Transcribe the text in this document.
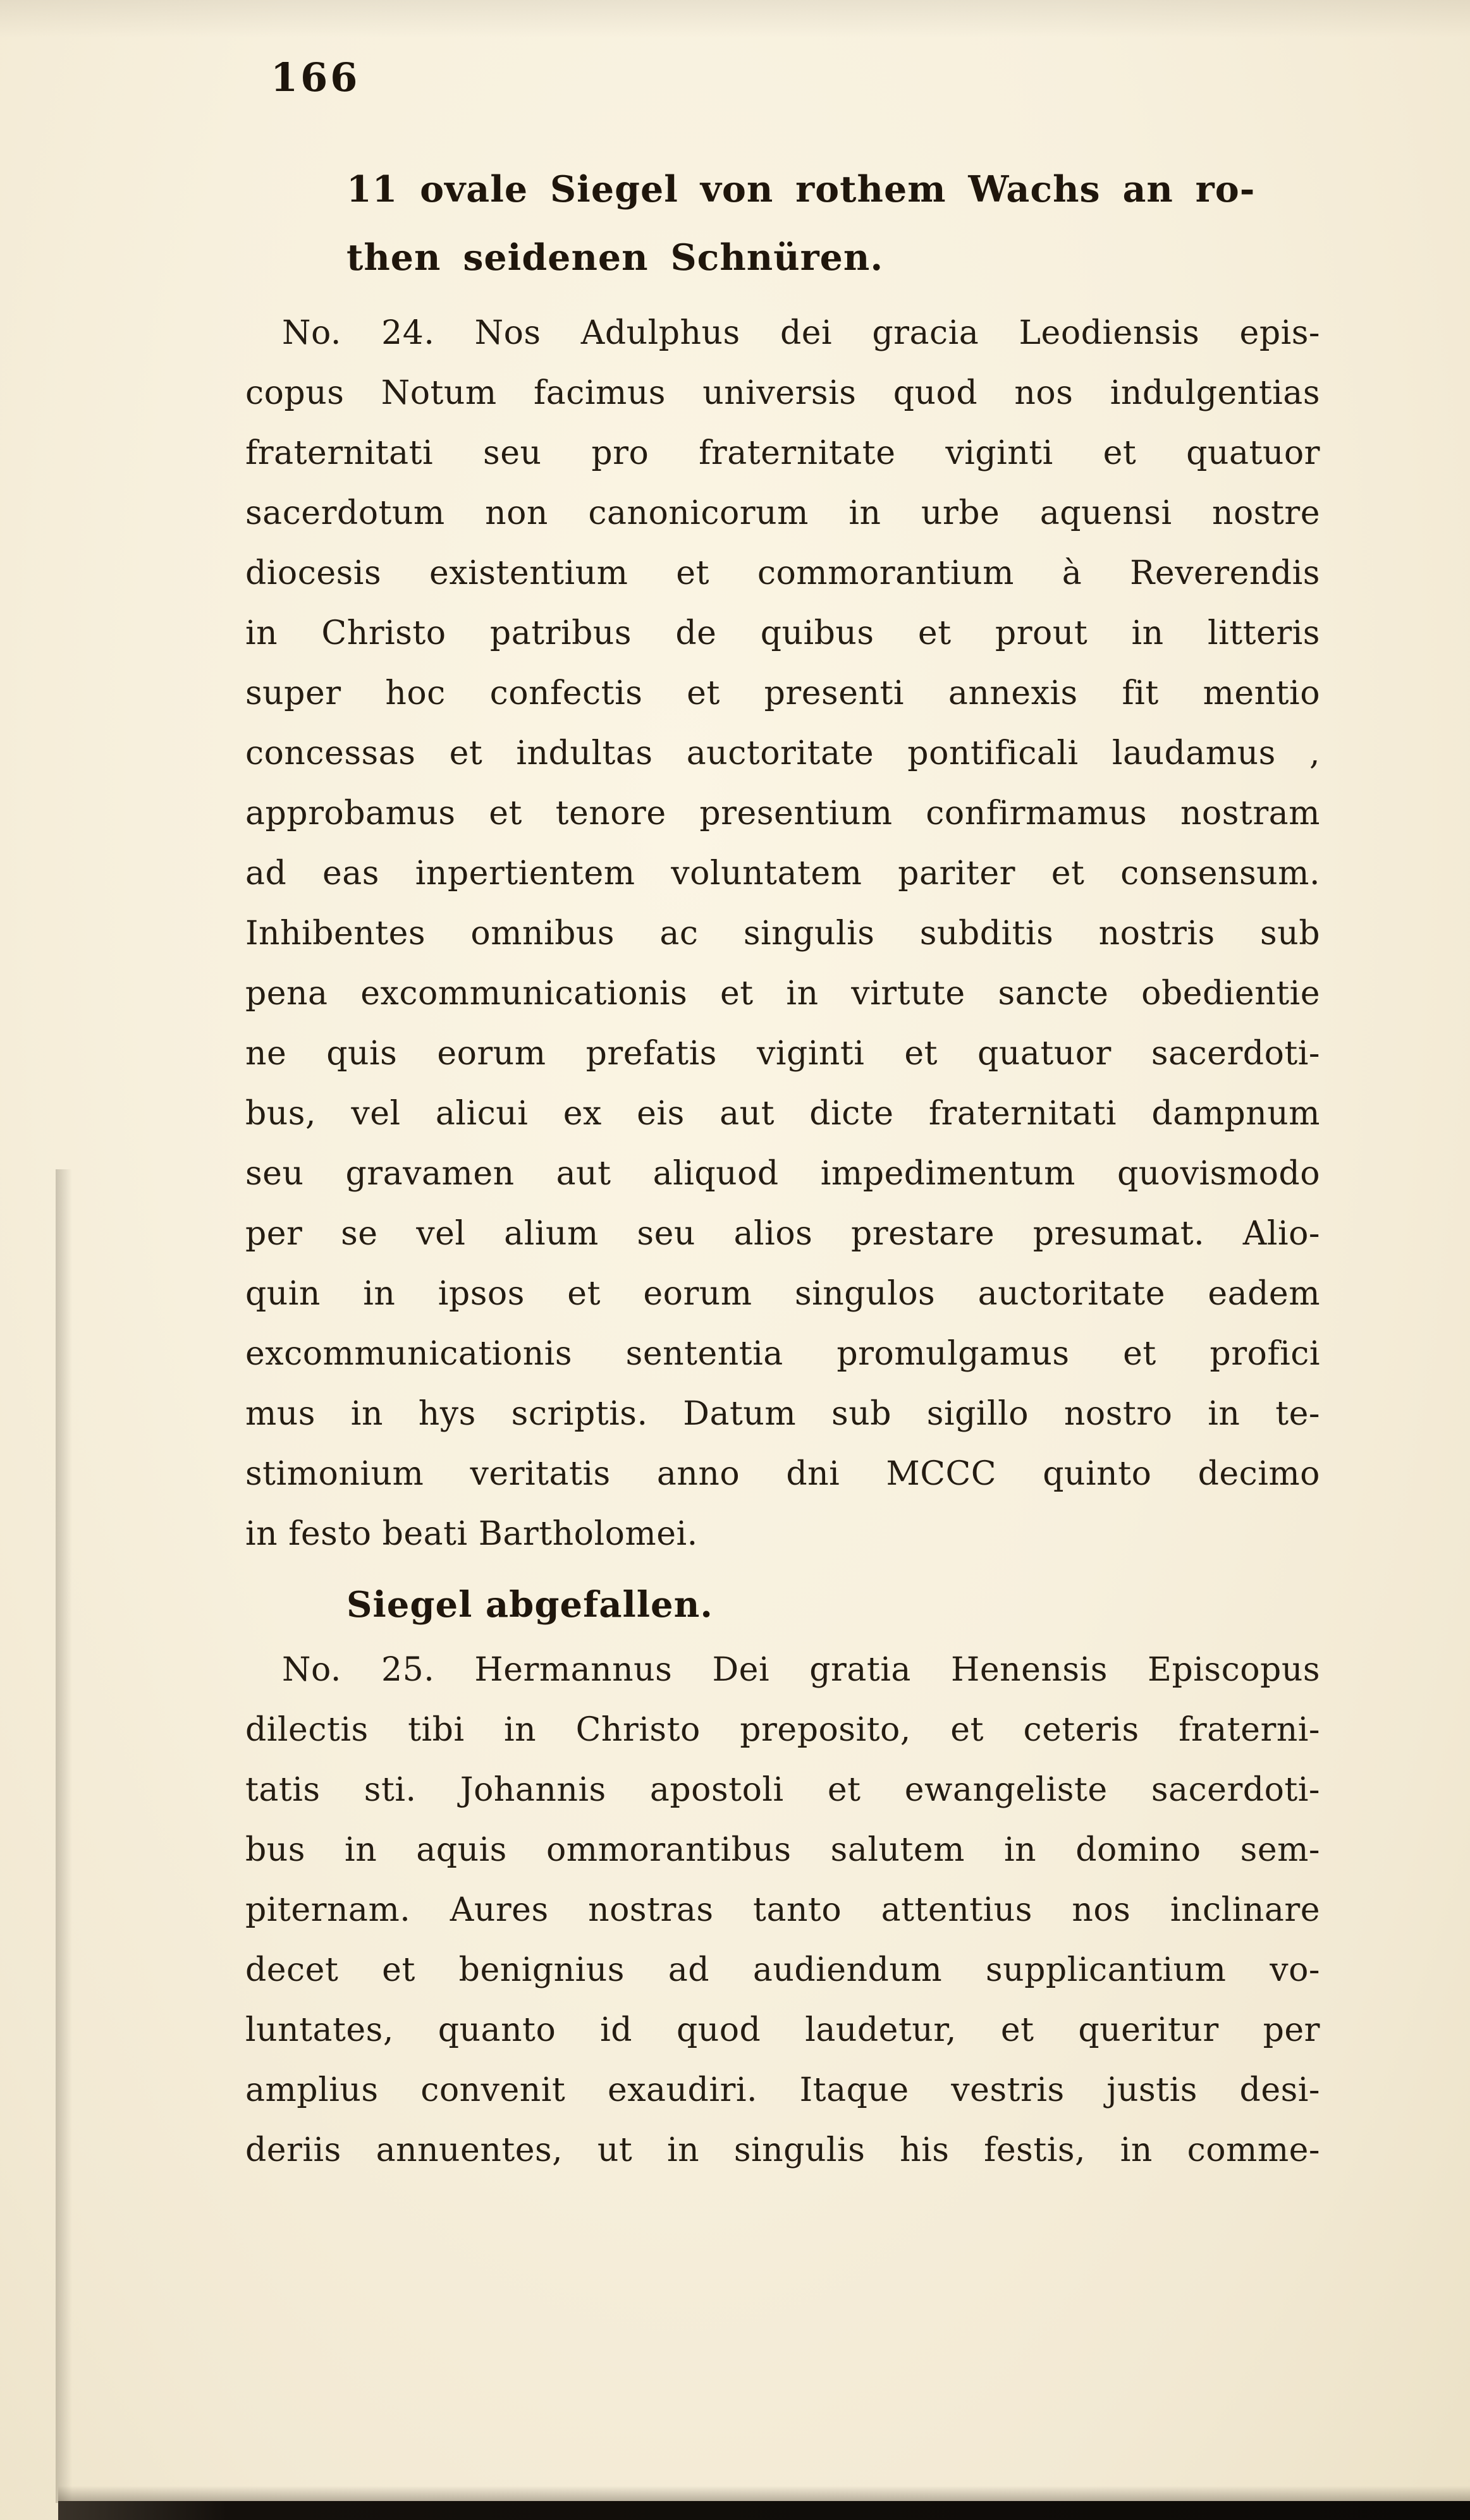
166
11 ovale Siegel von rothem Wachs an ro-
then seidenen Schnüren.
No. 24. Nos Adulphus dei gracia Leodiensis epis-
copus Notum facimus universis quod nos indulgentias
fraternitati seu pro fraternitate viginti et quatuor
sacerdotum non canonicorum in urbe aquensi nostre
diocesis existentium et commorantium à Reverendis
in Christo patribus de quibus et prout in litteris
super hoc confectis et presenti annexis fit mentio
concessas et indultas auctoritate pontificali laudamus ,
approbamus et tenore presentium confirmamus nostram
ad eas inpertientem voluntatem pariter et consensum.
Inhibentes omnibus ac singulis subditis nostris sub
pena excommunicationis et in virtute sancte obedientie
ne quis eorum prefatis viginti et quatuor sacerdoti-
bus, vel alicui ex eis aut dicte fraternitati dampnum
seu gravamen aut aliquod impedimentum quovismodo
per se vel alium seu alios prestare presumat. Alio-
quin in ipsos et eorum singulos auctoritate eadem
excommunicationis sententia promulgamus et profici
mus in hys scriptis. Datum sub sigillo nostro in te-
stimonium veritatis anno dni MCCC quinto decimo
in festo beati Bartholomei.
Siegel abgefallen.
No. 25. Hermannus Dei gratia Henensis Episcopus
dilectis tibi in Christo preposito, et ceteris fraterni-
tatis sti. Johannis apostoli et ewangeliste sacerdoti-
bus in aquis ommorantibus salutem in domino sem-
piternam. Aures nostras tanto attentius nos inclinare
decet et benignius ad audiendum supplicantium vo-
luntates, quanto id quod laudetur, et queritur per
amplius convenit exaudiri. Itaque vestris justis desi-
deriis annuentes, ut in singulis his festis, in comme-
